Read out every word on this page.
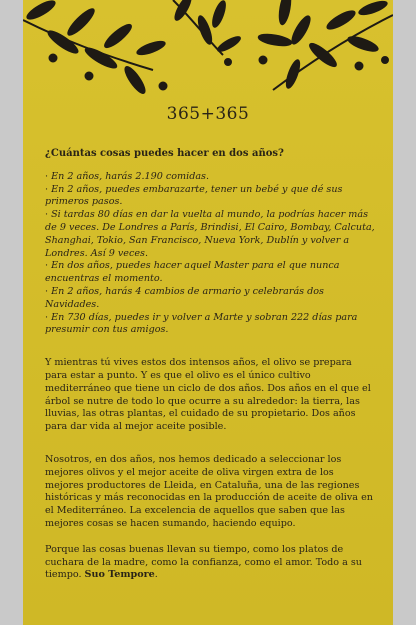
365+365
¿Cuántas cosas puedes hacer en dos años?
· En 2 años, harás 2.190 comidas.
· En 2 años, puedes embarazarte, tener un bebé y que dé sus primeros pasos.
· Si tardas 80 días en dar la vuelta al mundo, la podrías hacer más de 9 veces. De Londres a París, Brindisi, El Cairo, Bombay, Calcuta, Shanghai, Tokio, San Francisco, Nueva York, Dublín y volver a Londres. Así 9 veces.
· En dos años, puedes hacer aquel Master para el que nunca encuentras el momento.
· En 2 años, harás 4 cambios de armario y celebrarás dos Navidades.
· En 730 días, puedes ir y volver a Marte y sobran 222 días para presumir con tus amigos.

Y mientras tú vives estos dos intensos años, el olivo se prepara para estar a punto. Y es que el olivo es el único cultivo mediterráneo que tiene un ciclo de dos años. Dos años en el que el árbol se nutre de todo lo que ocurre a su alrededor: la tierra, las lluvias, las otras plantas, el cuidado de su propietario. Dos años para dar vida al mejor aceite posible.

Nosotros, en dos años, nos hemos dedicado a seleccionar los mejores olivos y el mejor aceite de oliva virgen extra de los mejores productores de Lleida, en Cataluña, una de las regiones históricas y más reconocidas en la producción de aceite de oliva en el Mediterráneo. La excelencia de aquellos que saben que las mejores cosas se hacen sumando, haciendo equipo.

Porque las cosas buenas llevan su tiempo, como los platos de cuchara de la madre, como la confianza, como el amor. Todo a su tiempo. Suo Tempore.
